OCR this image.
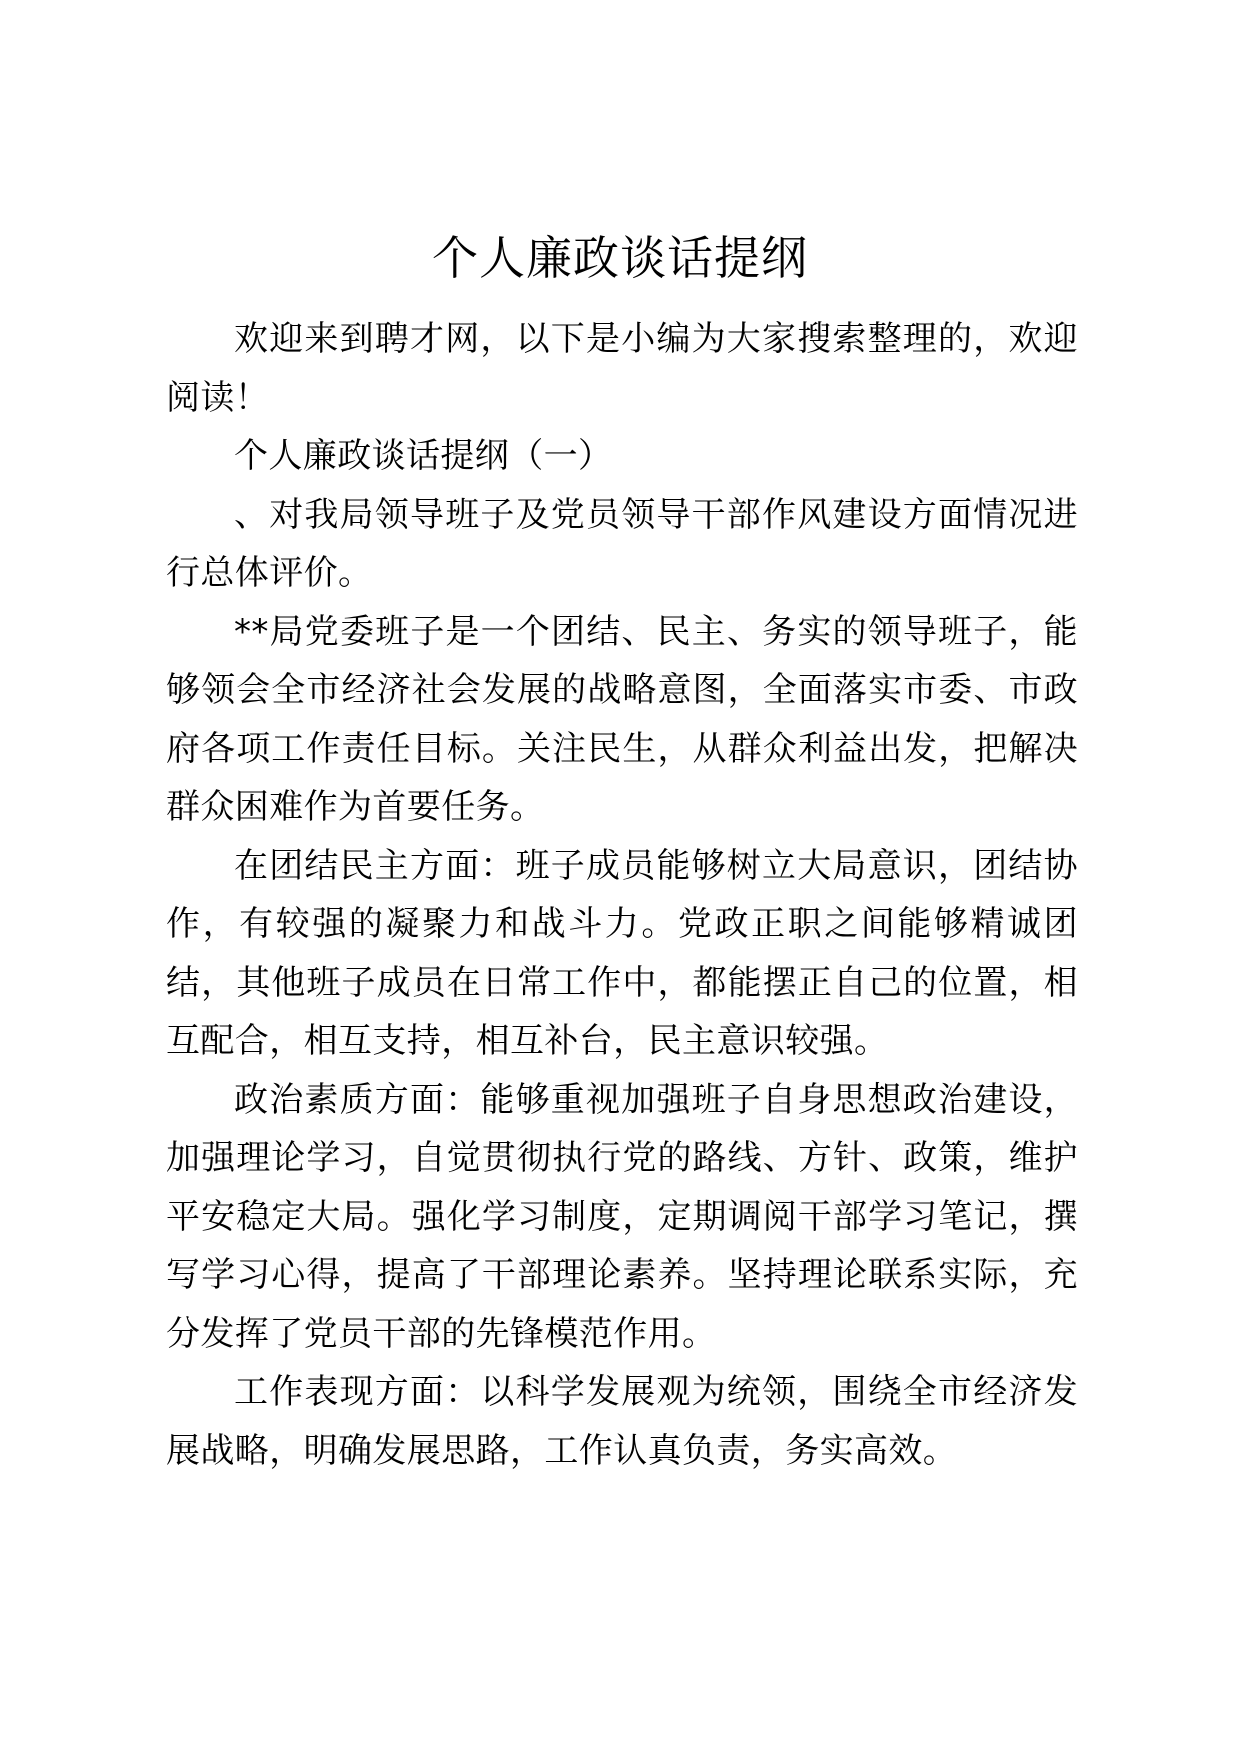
个人廉政谈话提纲

欢迎来到聘才网，以下是小编为大家搜索整理的，欢迎阅读！

个人廉政谈话提纲（一）

、对我局领导班子及党员领导干部作风建设方面情况进行总体评价。

**局党委班子是一个团结、民主、务实的领导班子，能够领会全市经济社会发展的战略意图，全面落实市委、市政府各项工作责任目标。关注民生，从群众利益出发，把解决群众困难作为首要任务。

在团结民主方面：班子成员能够树立大局意识，团结协作，有较强的凝聚力和战斗力。党政正职之间能够精诚团结，其他班子成员在日常工作中，都能摆正自己的位置，相互配合，相互支持，相互补台，民主意识较强。

政治素质方面：能够重视加强班子自身思想政治建设，加强理论学习，自觉贯彻执行党的路线、方针、政策，维护平安稳定大局。强化学习制度，定期调阅干部学习笔记，撰写学习心得，提高了干部理论素养。坚持理论联系实际，充分发挥了党员干部的先锋模范作用。

工作表现方面：以科学发展观为统领，围绕全市经济发展战略，明确发展思路，工作认真负责，务实高效。
